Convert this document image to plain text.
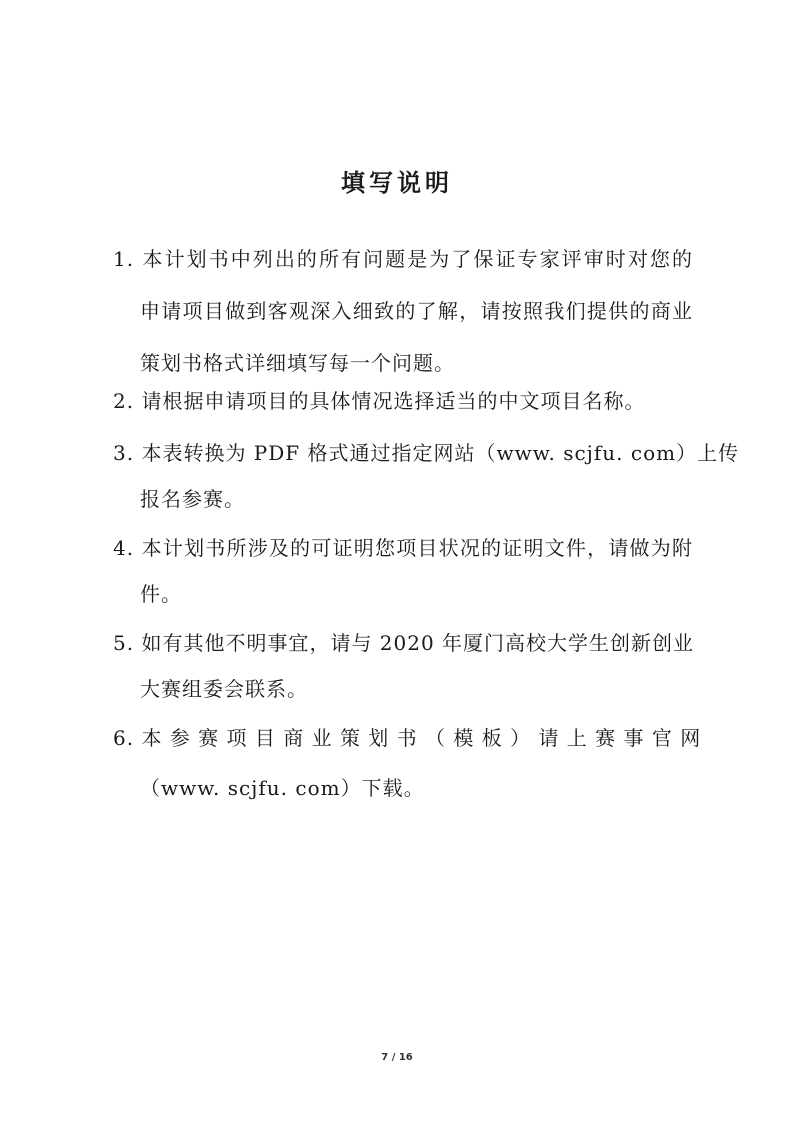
填写说明
1. 本计划书中列出的所有问题是为了保证专家评审时对您的
申请项目做到客观深入细致的了解，请按照我们提供的商业
策划书格式详细填写每一个问题。
2. 请根据申请项目的具体情况选择适当的中文项目名称。
3. 本表转换为 PDF 格式通过指定网站（www. scjfu. com）上传
报名参赛。
4. 本计划书所涉及的可证明您项目状况的证明文件，请做为附
件。
5. 如有其他不明事宜，请与 2020 年厦门高校大学生创新创业
大赛组委会联系。
6. 本 参 赛 项 目 商 业 策 划 书 （ 模 板 ） 请 上 赛 事 官 网
（www. scjfu. com）下载。
7 / 16
